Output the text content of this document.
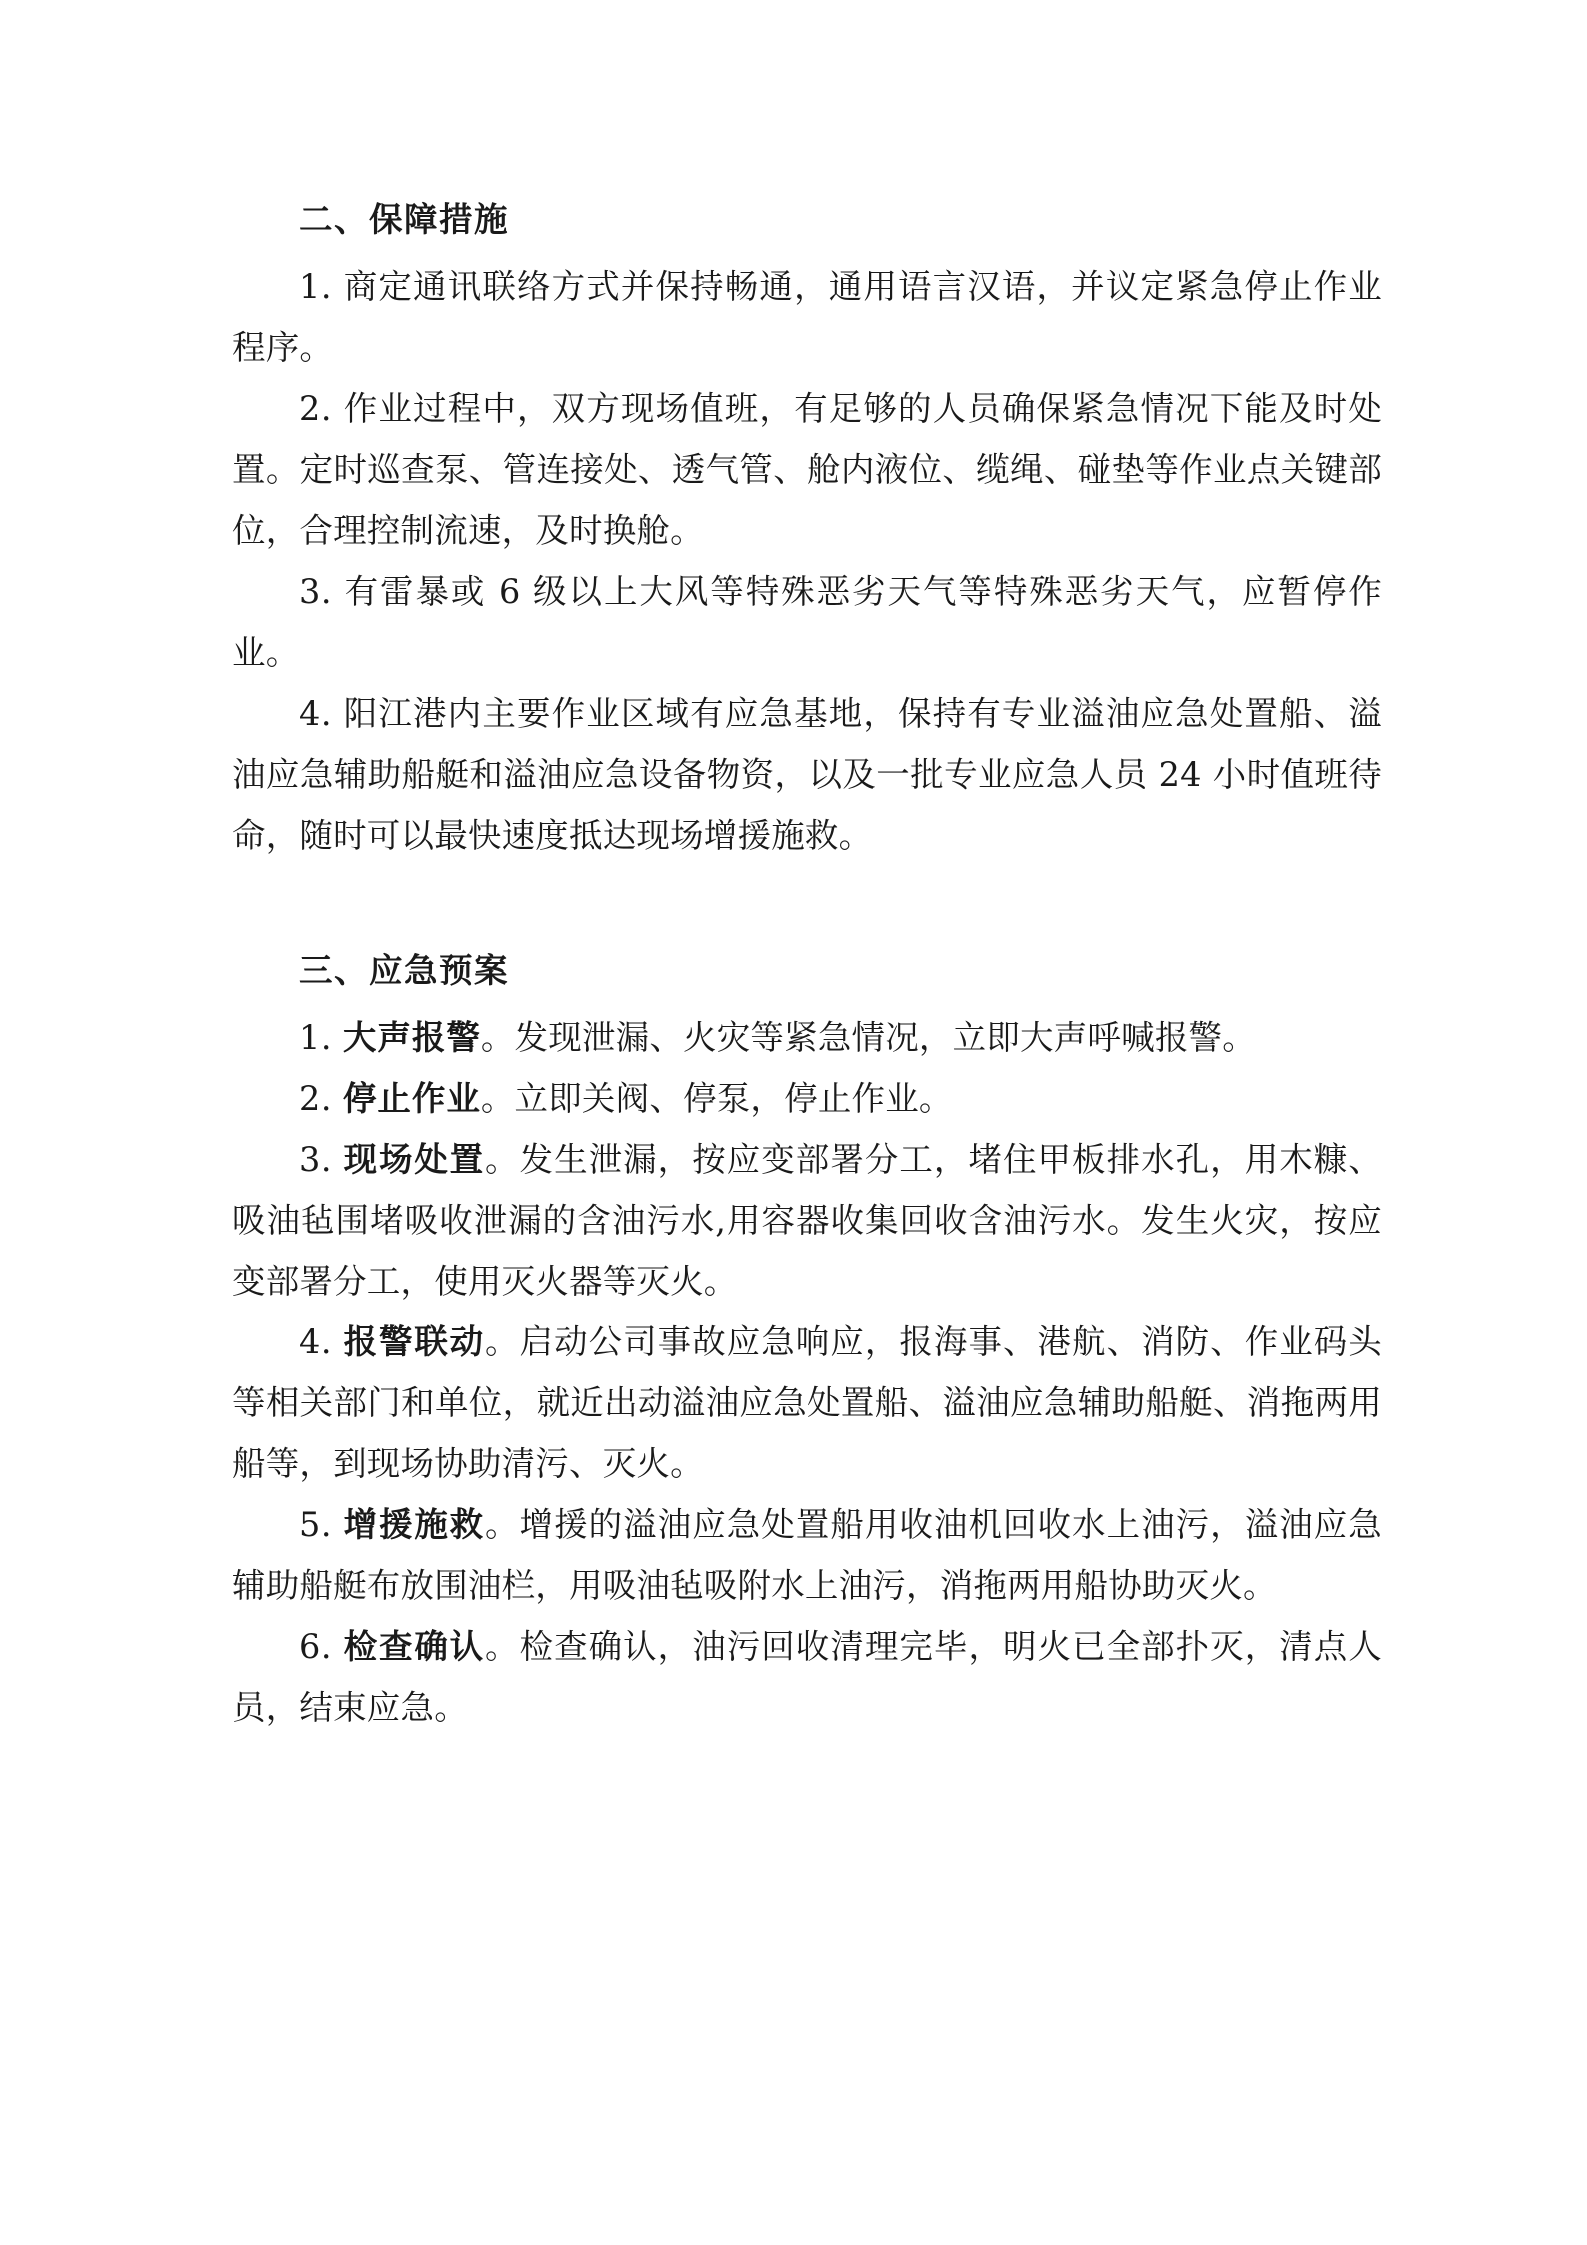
二、保障措施

1. 商定通讯联络方式并保持畅通，通用语言汉语，并议定紧急停止作业程序。

2. 作业过程中，双方现场值班，有足够的人员确保紧急情况下能及时处置。定时巡查泵、管连接处、透气管、舱内液位、缆绳、碰垫等作业点关键部位，合理控制流速，及时换舱。

3. 有雷暴或 6 级以上大风等特殊恶劣天气等特殊恶劣天气，应暂停作业。

4. 阳江港内主要作业区域有应急基地，保持有专业溢油应急处置船、溢油应急辅助船艇和溢油应急设备物资，以及一批专业应急人员 24 小时值班待命，随时可以最快速度抵达现场增援施救。

三、应急预案

1. 大声报警。发现泄漏、火灾等紧急情况，立即大声呼喊报警。

2. 停止作业。立即关阀、停泵，停止作业。

3. 现场处置。发生泄漏，按应变部署分工，堵住甲板排水孔，用木糠、吸油毡围堵吸收泄漏的含油污水,用容器收集回收含油污水。发生火灾，按应变部署分工，使用灭火器等灭火。

4. 报警联动。启动公司事故应急响应，报海事、港航、消防、作业码头等相关部门和单位，就近出动溢油应急处置船、溢油应急辅助船艇、消拖两用船等，到现场协助清污、灭火。

5. 增援施救。增援的溢油应急处置船用收油机回收水上油污，溢油应急辅助船艇布放围油栏，用吸油毡吸附水上油污，消拖两用船协助灭火。

6. 检查确认。检查确认，油污回收清理完毕，明火已全部扑灭，清点人员，结束应急。
